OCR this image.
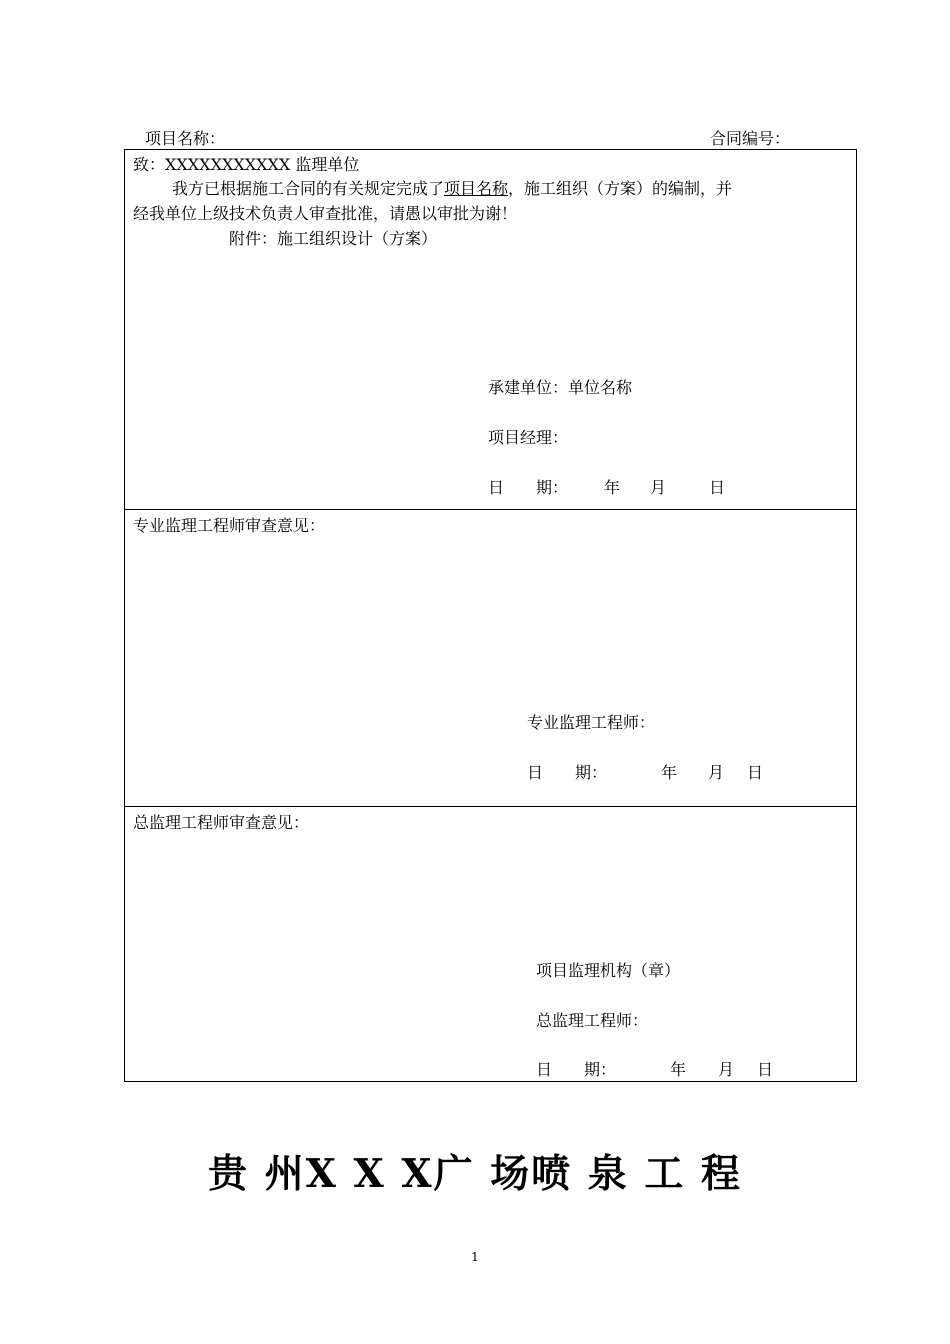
项目名称：	合同编号：
致：XXXXXXXXXXX 监理单位
我方已根据施工合同的有关规定完成了项目名称，施工组织（方案）的编制，并
经我单位上级技术负责人审查批准，请愚以审批为谢！
附件：施工组织设计（方案）
承建单位：单位名称
项目经理：
日　　期： 年 月	日
专业监理工程师审查意见：
专业监理工程师：
日　　期：	年 月 日
总监理工程师审查意见：
项目监理机构（章）
总监理工程师：
日　　期：	年 月 日
贵 州X X X广 场喷 泉 工 程
1
